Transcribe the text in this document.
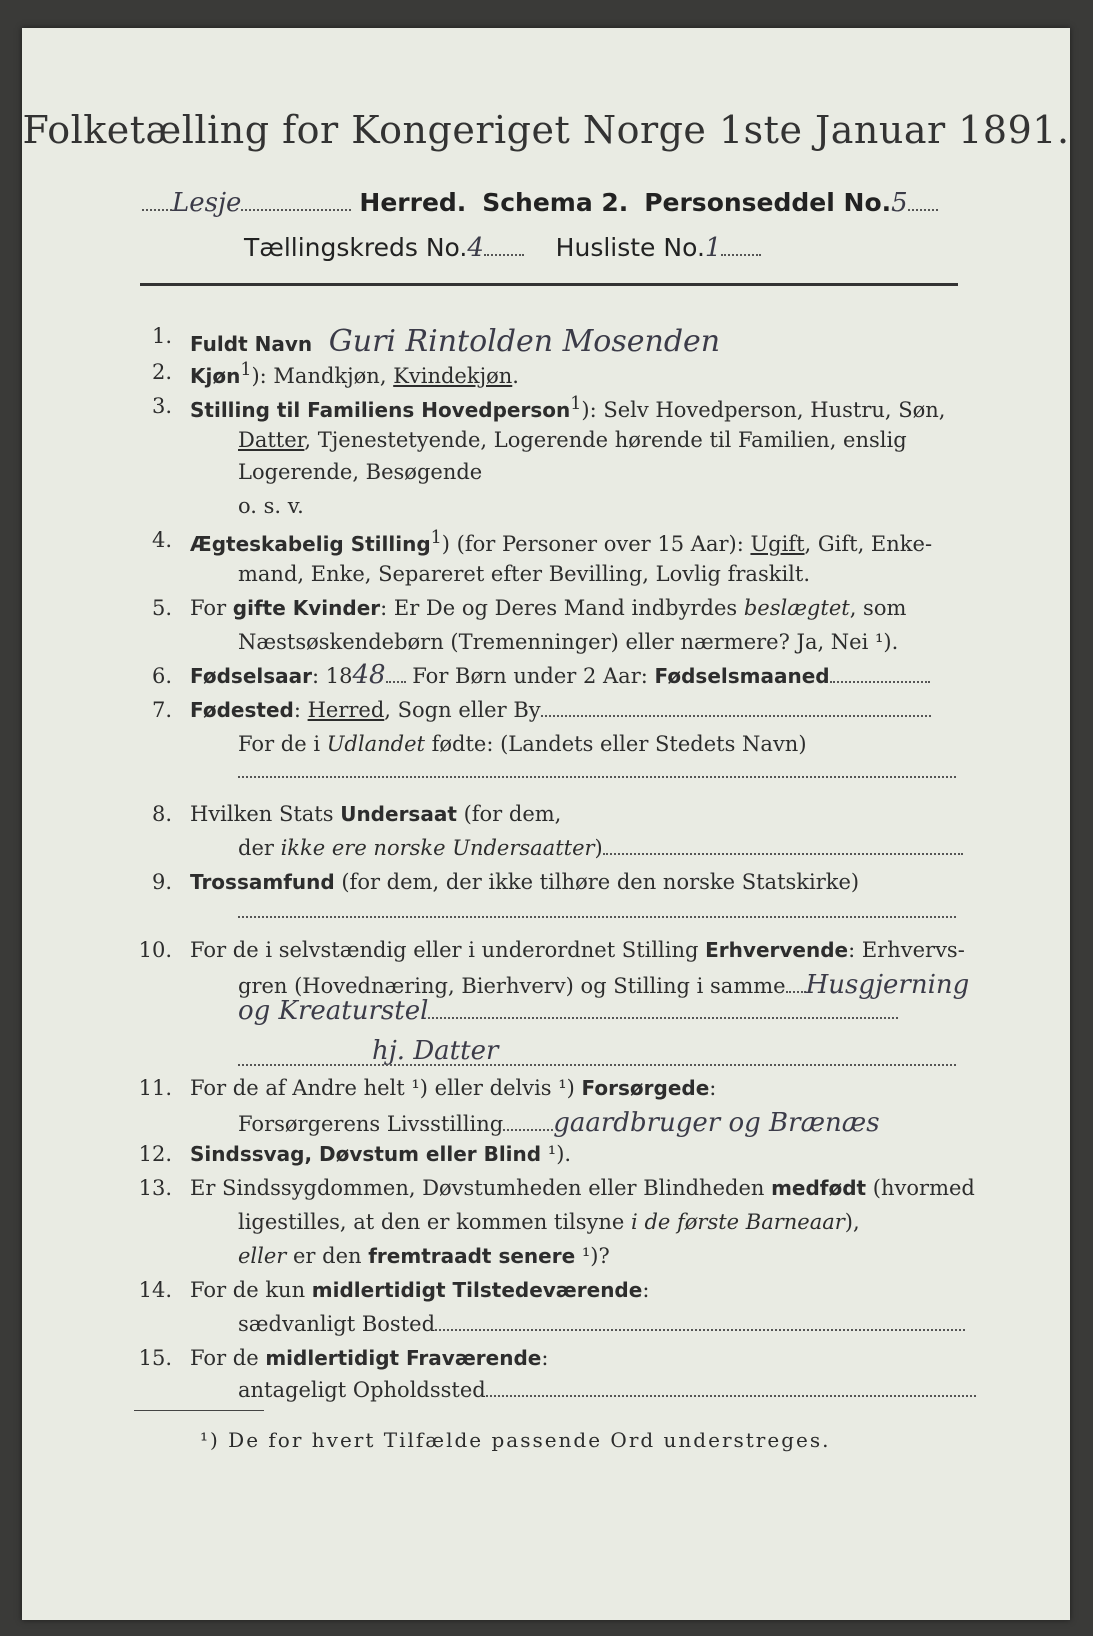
Folketælling for Kongeriget Norge 1ste Januar 1891.
Lesje	Herred. Schema 2. Personseddel No.5
Tællingskreds No.4	Husliste No.1
1. Fuldt Navn Guri Rintolden Mosenden
2. Kjøn$^1$): Mandkjøn, Kvindekjøn.
3. Stilling til Familiens Hovedperson$^1$): Selv Hovedperson, Hustru, Søn,
Datter, Tjenestetyende, Logerende hørende til Familien, enslig
Logerende, Besøgende
o. s. v.
4. Ægteskabelig Stilling$^1$) (for Personer over 15 Aar): Ugift, Gift, Enke-
mand, Enke, Separeret efter Bevilling, Lovlig fraskilt.
5. For gifte Kvinder: Er De og Deres Mand indbyrdes beslægtet, som
Næstsøskendebørn (Tremenninger) eller nærmere? Ja, Nei ¹).
6. Fødselsaar: 1848 For Børn under 2 Aar: Fødselsmaaned
7. Fødested: Herred, Sogn eller By
For de i Udlandet fødte: (Landets eller Stedets Navn)
8. Hvilken Stats Undersaat (for dem,
der ikke ere norske Undersaatter)
9. Trossamfund (for dem, der ikke tilhøre den norske Statskirke)
10. For de i selvstændig eller i underordnet Stilling Erhvervende: Erhvervs-
gren (Hovednæring, Bierhverv) og Stilling i samme Husgjerning
og Kreaturstel
hj. Datter
11. For de af Andre helt ¹) eller delvis ¹) Forsørgede:
Forsørgerens Livsstilling gaardbruger og Brænæs
12. Sindssvag, Døvstum eller Blind ¹).
13. Er Sindssygdommen, Døvstumheden eller Blindheden medfødt (hvormed
ligestilles, at den er kommen tilsyne i de første Barneaar),
eller er den fremtraadt senere ¹)?
14. For de kun midlertidigt Tilstedeværende:
sædvanligt Bosted
15. For de midlertidigt Fraværende:
antageligt Opholdssted
¹) De for hvert Tilfælde passende Ord understreges.
